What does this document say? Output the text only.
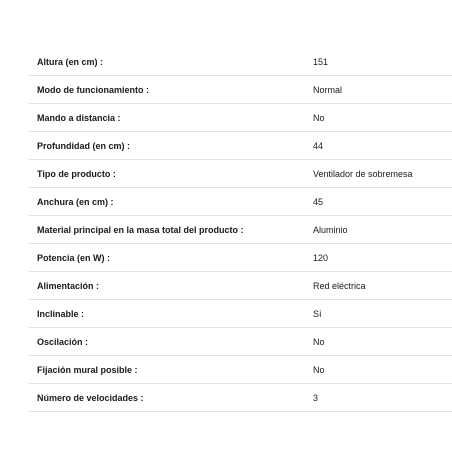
Altura (en cm) :	151
Modo de funcionamiento :	Normal
Mando a distancia :	No
Profundidad (en cm) :	44
Tipo de producto :	Ventilador de sobremesa
Anchura (en cm) :	45
Material principal en la masa total del producto :	Aluminio
Potencia (en W) :	120
Alimentación :	Red eléctrica
Inclinable :	Sí
Oscilación :	No
Fijación mural posible :	No
Número de velocidades :	3
